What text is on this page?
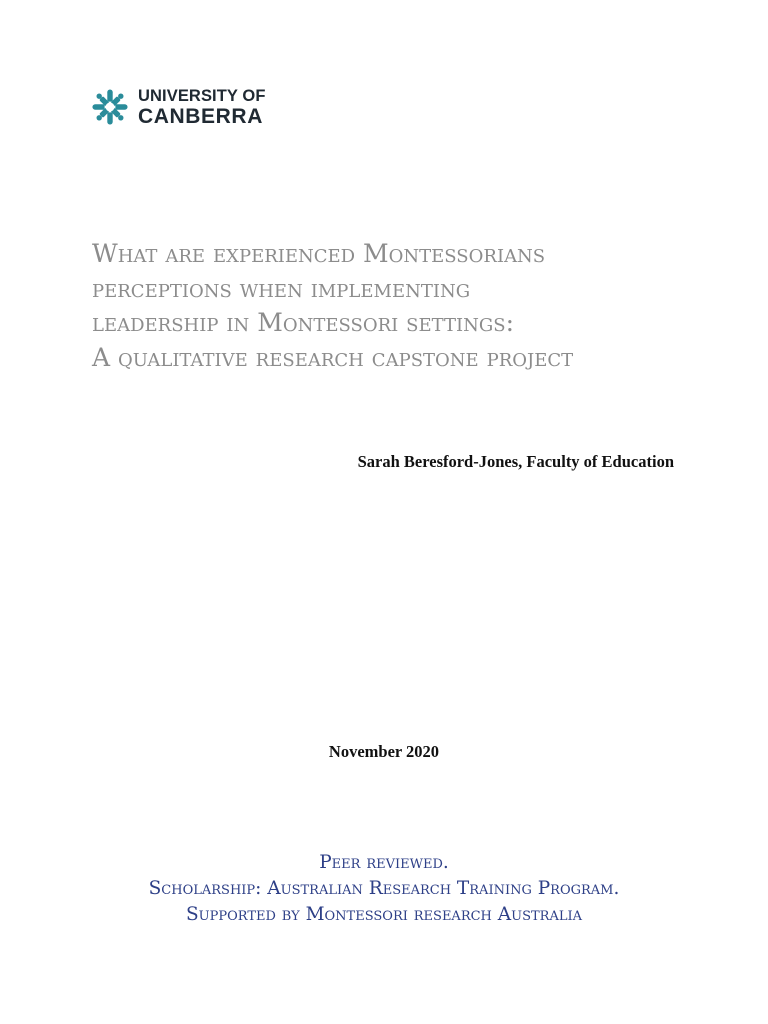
UNIVERSITY OF
CANBERRA
What are experienced Montessorians
perceptions when implementing
leadership in Montessori settings:
A qualitative research capstone project
Sarah Beresford-Jones, Faculty of Education
November 2020
Peer reviewed.
Scholarship: Australian Research Training Program.
Supported by Montessori research Australia
